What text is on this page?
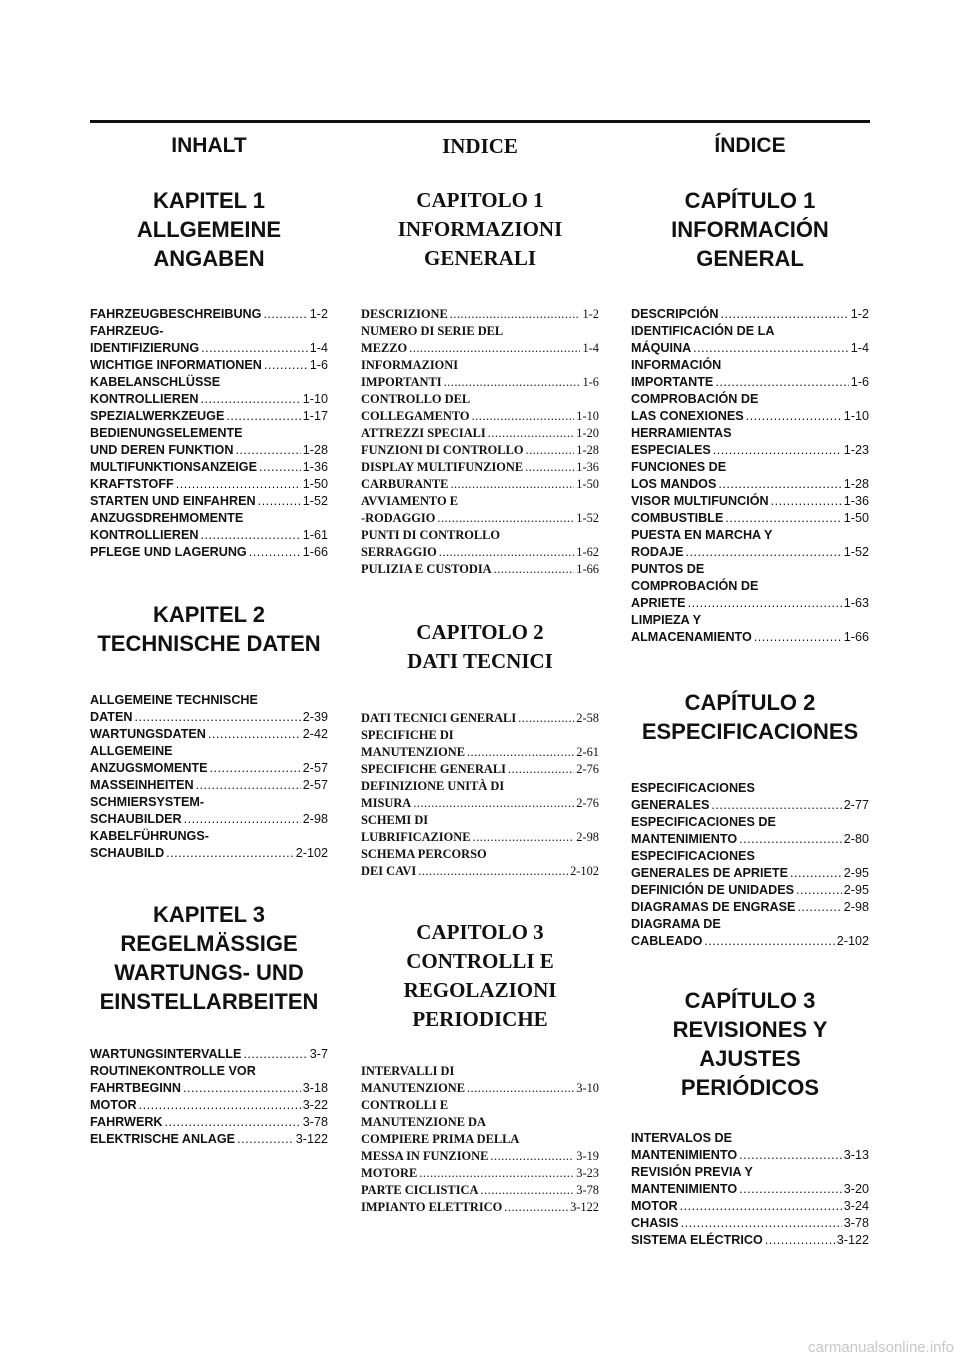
INHALT
KAPITEL 1
ALLGEMEINE
ANGABEN
FAHRZEUGBESCHREIBUNG .....	1-2
FAHRZEUG-
IDENTIFIZIERUNG .....	1-4
WICHTIGE INFORMATIONEN .....	1-6
KABELANSCHLÜSSE
KONTROLLIEREN .....	1-10
SPEZIALWERKZEUGE .....	1-17
BEDIENUNGSELEMENTE
UND DEREN FUNKTION .....	1-28
MULTIFUNKTIONSANZEIGE .....	1-36
KRAFTSTOFF .....	1-50
STARTEN UND EINFAHREN .....	1-52
ANZUGSDREHMOMENTE
KONTROLLIEREN .....	1-61
PFLEGE UND LAGERUNG .....	1-66
KAPITEL 2
TECHNISCHE DATEN
ALLGEMEINE TECHNISCHE
DATEN .....	2-39
WARTUNGSDATEN .....	2-42
ALLGEMEINE
ANZUGSMOMENTE .....	2-57
MASSEINHEITEN .....	2-57
SCHMIERSYSTEM-
SCHAUBILDER .....	2-98
KABELFÜHRUNGS-
SCHAUBILD .....	2-102
KAPITEL 3
REGELMÄSSIGE
WARTUNGS- UND
EINSTELLARBEITEN
WARTUNGSINTERVALLE .....	3-7
ROUTINEKONTROLLE VOR
FAHRTBEGINN .....	3-18
MOTOR .....	3-22
FAHRWERK .....	3-78
ELEKTRISCHE ANLAGE .....	3-122
INDICE
CAPITOLO 1
INFORMAZIONI
GENERALI
DESCRIZIONE .....	1-2
NUMERO DI SERIE DEL
MEZZO .....	1-4
INFORMAZIONI
IMPORTANTI .....	1-6
CONTROLLO DEL
COLLEGAMENTO .....	1-10
ATTREZZI SPECIALI .....	1-20
FUNZIONI DI CONTROLLO .....	1-28
DISPLAY MULTIFUNZIONE .....	1-36
CARBURANTE .....	1-50
AVVIAMENTO E
-RODAGGIO .....	1-52
PUNTI DI CONTROLLO
SERRAGGIO .....	1-62
PULIZIA E CUSTODIA .....	1-66
CAPITOLO 2
DATI TECNICI
DATI TECNICI GENERALI .....	2-58
SPECIFICHE DI
MANUTENZIONE .....	2-61
SPECIFICHE GENERALI .....	2-76
DEFINIZIONE UNITÀ DI
MISURA .....	2-76
SCHEMI DI
LUBRIFICAZIONE .....	2-98
SCHEMA PERCORSO
DEI CAVI .....	2-102
CAPITOLO 3
CONTROLLI E
REGOLAZIONI
PERIODICHE
INTERVALLI DI
MANUTENZIONE .....	3-10
CONTROLLI E
MANUTENZIONE DA
COMPIERE PRIMA DELLA
MESSA IN FUNZIONE .....	3-19
MOTORE .....	3-23
PARTE CICLISTICA .....	3-78
IMPIANTO ELETTRICO .....	3-122
ÍNDICE
CAPÍTULO 1
INFORMACIÓN
GENERAL
DESCRIPCIÓN .....	1-2
IDENTIFICACIÓN DE LA
MÁQUINA .....	1-4
INFORMACIÓN
IMPORTANTE .....	1-6
COMPROBACIÓN DE
LAS CONEXIONES .....	1-10
HERRAMIENTAS
ESPECIALES .....	1-23
FUNCIONES DE
LOS MANDOS .....	1-28
VISOR MULTIFUNCIÓN .....	1-36
COMBUSTIBLE .....	1-50
PUESTA EN MARCHA Y
RODAJE .....	1-52
PUNTOS DE
COMPROBACIÓN DE
APRIETE .....	1-63
LIMPIEZA Y
ALMACENAMIENTO .....	1-66
CAPÍTULO 2
ESPECIFICACIONES
ESPECIFICACIONES
GENERALES .....	2-77
ESPECIFICACIONES DE
MANTENIMIENTO .....	2-80
ESPECIFICACIONES
GENERALES DE APRIETE .....	2-95
DEFINICIÓN DE UNIDADES .....	2-95
DIAGRAMAS DE ENGRASE .....	2-98
DIAGRAMA DE
CABLEADO .....	2-102
CAPÍTULO 3
REVISIONES Y
AJUSTES
PERIÓDICOS
INTERVALOS DE
MANTENIMIENTO .....	3-13
REVISIÓN PREVIA Y
MANTENIMIENTO .....	3-20
MOTOR .....	3-24
CHASIS .....	3-78
SISTEMA ELÉCTRICO .....	3-122
carmanualsonline.info
